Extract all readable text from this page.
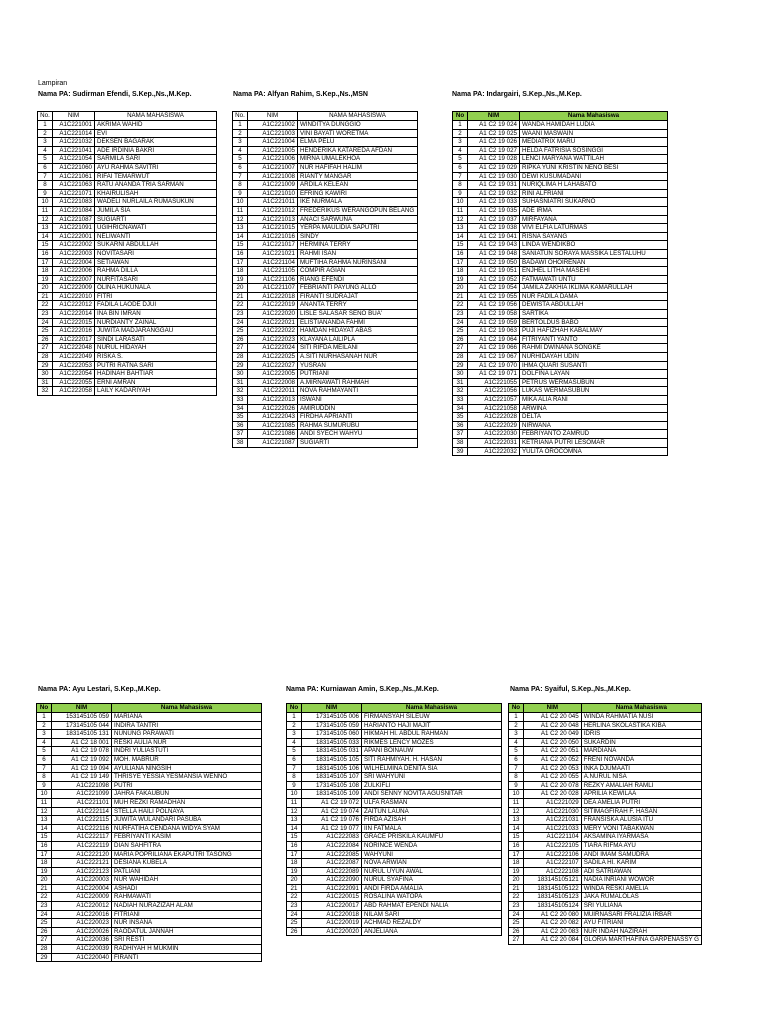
Lampiran
Nama PA: Sudirman Efendi, S.Kep.,Ns.,M.Kep.	Nama PA: Alfyan Rahim, S.Kep.,Ns.,MSN	Nama PA: Indargairi, S.Kep.,Ns.,M.Kep.
Nama PA: Ayu Lestari, S.Kep.,M.Kep.	Nama PA: Kurniawan Amin, S.Kep.,Ns.,M.Kep.	Nama PA: Syaiful, S.Kep.,Ns.,M.Kep.
No.	NIM	NAMA MAHASISWA
1	A1C221001	AKRIMA WAHID
2	A1C221014	EVI
3	A1C221032	DEKSEN BAGARAK
4	A1C221041	ADE IRDINIA BAKRI
5	A1C221054	SARMILA SARI
6	A1C221060	AYU RAHMA SAVITRI
7	A1C221061	RIFAI TEMARWUT
8	A1C221063	RATU ANANDA TRIA SARMAN
9	A1C221071	KHAIRULISAH
10	A1C221083	WADELI NURLAILA RUMASUKUN
11	A1C221084	JUMILA SIA
12	A1C221087	SUGIARTI
13	A1C221091	UGIHRICNAWATI
14	A1C222001	NELIWANTI
15	A1C222002	SUKARNI ABDULLAH
16	A1C222003	NOVITASARI
17	A1C222004	SETIAWAN
18	A1C222006	RAHMA DILLA
19	A1C222007	NURFITASARI
20	A1C222009	OLINA HUKUNALA
21	A1C222010	FITRI
22	A1C222012	FADILA LAODE DJUI
23	A1C222014	INA BIN IMRAN
24	A1C222015	NURDIANTY ZAINAL
25	A1C222016	JUWITA MADJARANGGAU
26	A1C222017	SINDI LARASATI
27	A1C222048	NURUL HIDAYAH
28	A1C222049	RISKA S.
29	A1C222053	PUTRI RATNA SARI
30	A1C222054	HADINAH BAHTIAR
31	A1C222055	ERNI AMRAN
32	A1C222058	LAILY KADARIYAH
No.	NIM	NAMA MAHASISWA
1	A1C221002	WINDITYA DUNGGIO
2	A1C221003	VINI BAYATI WORETMA
3	A1C221004	ELMA PELU
4	A1C221005	HENDERIKA KATAREDA AFDAN
5	A1C221006	MIRNA UMALEKHOA
6	A1C221007	NUR HAFIFAH HALIM
7	A1C221008	RIANTY MANGAR
8	A1C221009	ARDILA KELEAN
9	A1C221010	EFRING KAWIRI
10	A1C221011	IKE NURMALA
11	A1C221012	FREDERIKUS WERANGOPUN BELANG
12	A1C221013	ANACI SARWUNA
13	A1C221015	YERPA MAULIDIA SAPUTRI
14	A1C221016	SINDY
15	A1C221017	HERMINA TERRY
16	A1C221021	RAHMI ISAN
17	A1C221104	MUFTIHA RAHMA NURINSANI
18	A1C221105	COMPIR AGIAN
19	A1C221106	RIANG EFENDI
20	A1C221107	FEBRIANTI PAYUNG ALLO
21	A1C222018	FIRANTI SUDRAJAT
22	A1C222019	ANANTA TERRY
23	A1C222020	LISLE SALASAR SENO BUA'
24	A1C222021	ELISTIANANDA FAHMI
25	A1C222022	HAMDAN HIDAYAT ABAS
26	A1C222023	KLAYANA LAILIPLA
27	A1C222024	SITI RIFDA MEILANI
28	A1C222025	A.SITI NURHASANAH NUR
29	A1C222027	YUSRAN
30	A1C222005	PUTRIANI
31	A1C222008	A.MIRNAWATI RAHMAH
32	A1C222011	NOVA RAHMAYANTI
33	A1C222013	ISWANI
34	A1C222026	AMIRUDDIN
35	A1C222043	FIRDHA APRIANTI
36	A1C221085	RAHMA SUMURUBU
37	A1C221086	ANDI SYECH WAHYU
38	A1C221087	SUGIARTI
No	NIM	Nama Mahasiswa
1	A1 C2 19 024	WANDA HAMIDAH LUDIA
2	A1 C2 19 025	WAANI MASWAIN
3	A1 C2 19 026	MEDIATRIX MARU
4	A1 C2 19 027	HELDA FATRISIA SOSINGGI
5	A1 C2 19 028	LENCI MARYANA WATTILAH
6	A1 C2 19 029	RIPKA YUNI KRISTIN NENO BESI
7	A1 C2 19 030	DEWI KUSUMADANI
8	A1 C2 19 031	NURIQLIMA H LAHABATO
9	A1 C2 19 032	RINI ALFRIANI
10	A1 C2 19 033	SUHASNIATRI SUKARNO
11	A1 C2 19 035	ADE IRMA
12	A1 C2 19 037	MIRFAYANA
13	A1 C2 19 038	VIVI ELFIA LATURMAS
14	A1 C2 19 041	RISNA SAYANG
15	A1 C2 19 043	LINDA WENDIKBO
16	A1 C2 19 048	SANIATUN SORAYA MASSIKA LESTALUHU
17	A1 C2 19 050	BADAWI OHOIRENAN
18	A1 C2 19 051	ENJHEL LITHA MASEHI
19	A1 C2 19 052	FATMAWATI UNTU
20	A1 C2 19 054	JAMILA ZAKHIA IKLIMA KAMARULLAH
21	A1 C2 19 055	NUR FADILA DAMA
22	A1 C2 19 056	DEWISTA ABDULLAH
23	A1 C2 19 058	SARTIKA
24	A1 C2 19 059	BERTOLDUS BABO
25	A1 C2 19 063	PUJI HAFIZHAH KABALMAY
26	A1 C2 19 064	FITRIYANTI YANTO
27	A1 C2 19 066	RAHMI DWINANA SONGKE
28	A1 C2 19 067	NURHIDAYAH UDIN
29	A1 C2 19 070	IHMA QUARI SUSANTI
30	A1 C2 19 071	DOLFINA LAYAN
31	A1C221055	PETRUS WERMASUBUN
32	A1C221056	LUKAS WERMASUBUN
33	A1C221057	MIKA ALIA RANI
34	A1C221058	ARWINA
35	A1C222028	DELTA
36	A1C222029	NIRWANA
37	A1C222030	FEBRIYANTO ZAMRUD
38	A1C222031	KETRIANA PUTRI LESOMAR
39	A1C222032	YULITA OROCOMNA
No	NIM	Nama Mahasiswa
1	153145105 059	MARIANA
2	173145105 044	INDIRA TANTRI
3	183145105 131	NUNUNG PARAWATI
4	A1 C2 18 001	RESKI AULIA NUR
5	A1 C2 19 078	INDRI YULIASTUTI
6	A1 C2 19 092	MOH. MABRUR
7	A1 C2 19 094	AYULIANA NINGSIH
8	A1 C2 19 149	THRISYE YESSIA YESMANSIA WENNO
9	A1C221098	PUTRI
10	A1C221099	JAHRA FAKAUBUN
11	A1C221101	MUH REZKI RAMADHAN
12	A1C222114	STELLA HAILI POLNAYA
13	A1C222115	JUWITA WULANDARI PASUBA
14	A1C222116	NURFATIHA CENDANA WIDYA SYAM
15	A1C222117	FEBRIYANTI KASIM
16	A1C222119	DIAN SAHFITRA
17	A1C222120	MARIA POPRILIANA EKAPUTRI TASONG
18	A1C222121	DESIANA KUBELA
19	A1C222123	PATLIANI
20	A1C220003	NUR WAHIDAH
21	A1C220004	ASHADI
22	A1C220009	RAHMAWATI
23	A1C220012	NADIAH NURAZIZAH ALAM
24	A1C220016	FITRIANI
25	A1C220023	NUR INSANA
26	A1C220026	RAODATUL JANNAH
27	A1C220036	SRI RESTI
28	A1C220039	RADHIYAH H MUKMIN
29	A1C220040	FIRANTI
No	NIM	Nama Mahasiswa
1	173145105 006	FIRMANSYAH SILEUW
2	173145105 059	HARIANTO HAJI MAJIT
3	173145105 060	HIKMAH HI. ABDUL RAHMAN
4	183145105 033	RIKMES LENCY MOZES
5	183145105 031	APANI BOINAUW
6	183145105 105	SITI RAHMIYAH. H. HASAN
7	183145105 106	WILHELMINA DENITA SIA
8	183145105 107	SRI WAHYUNI
9	173145105 108	ZULKIFLI
10	183145105 109	ANDI SENNY NOVITA AGUSNITAR
11	A1 C2 19 072	ULFA RASMAN
12	A1 C2 19 074	ZAITUN LAUNA
13	A1 C2 19 076	FIRDA AZISAH
14	A1 C2 19 077	IIN FATMALA
15	A1C222083	GRACE PRISKILA KAUMFU
16	A1C222084	NORINCE WENDA
17	A1C222085	WAHYUNI
18	A1C222087	NOVA ARWIAN
19	A1C222089	NURUL UYUN AWAL
20	A1C222090	NURUL SYAFINA
21	A1C222091	ANDI FIRDA AMALIA
22	A1C220015	ROSALINA WATOPA
23	A1C220017	ABD RAHMAT EPENDI NALIA
24	A1C220018	NILAM SARI
25	A1C220019	ACHMAD REZALDY
26	A1C220020	ANJELIANA
No	NIM	Nama Mahasiswa
1	A1 C2 20 045	WINDA RAHMATIA NUSI
2	A1 C2 20 048	HERLINA SKOLASTIKA KIBA
3	A1 C2 20 049	IDRIS
4	A1 C2 20 050	SUKARDIN
5	A1 C2 20 051	MARDIANA
6	A1 C2 20 052	FRENI NOVANDA
7	A1 C2 20 053	INKA DJUMAATI
8	A1 C2 20 055	A.NURUL NISA
9	A1 C2 20 078	REZKY AMALIAH RAMLI
10	A1 C2 20 028	APRILIA KEWILAA
11	A1C221029	DEA AMELIA PUTRI
12	A1C221030	SITIMAGFIRAH F. HASAN
13	A1C221031	FRANSISKA ALUSIA ITU
14	A1C221033	MERY VONI TABAKWAN
15	A1C221104	AKSAMINA IYARMASA
16	A1C222105	TIARA RIFMA AYU
17	A1C222106	ANDI IMAM SAMUDRA
18	A1C222107	SADILA HI. KARIM
19	A1C222108	ADI SATRIAWAN
20	183145105121	NADIA INRIANI WOWOR
21	183145105122	WINDA RESKI AMELIA
22	183145105123	JAKA RUMALOLAS
23	183145105124	SRI YULIANA
24	A1 C2 20 080	MUIRNASARI FRALIZIA IRBAR
25	A1 C2 20 082	AYU FITRIANI
26	A1 C2 20 083	NUR INDAH NAZIRAH
27	A1 C2 20 084	GLORIA MARTHAFINA GARPENASSY G
